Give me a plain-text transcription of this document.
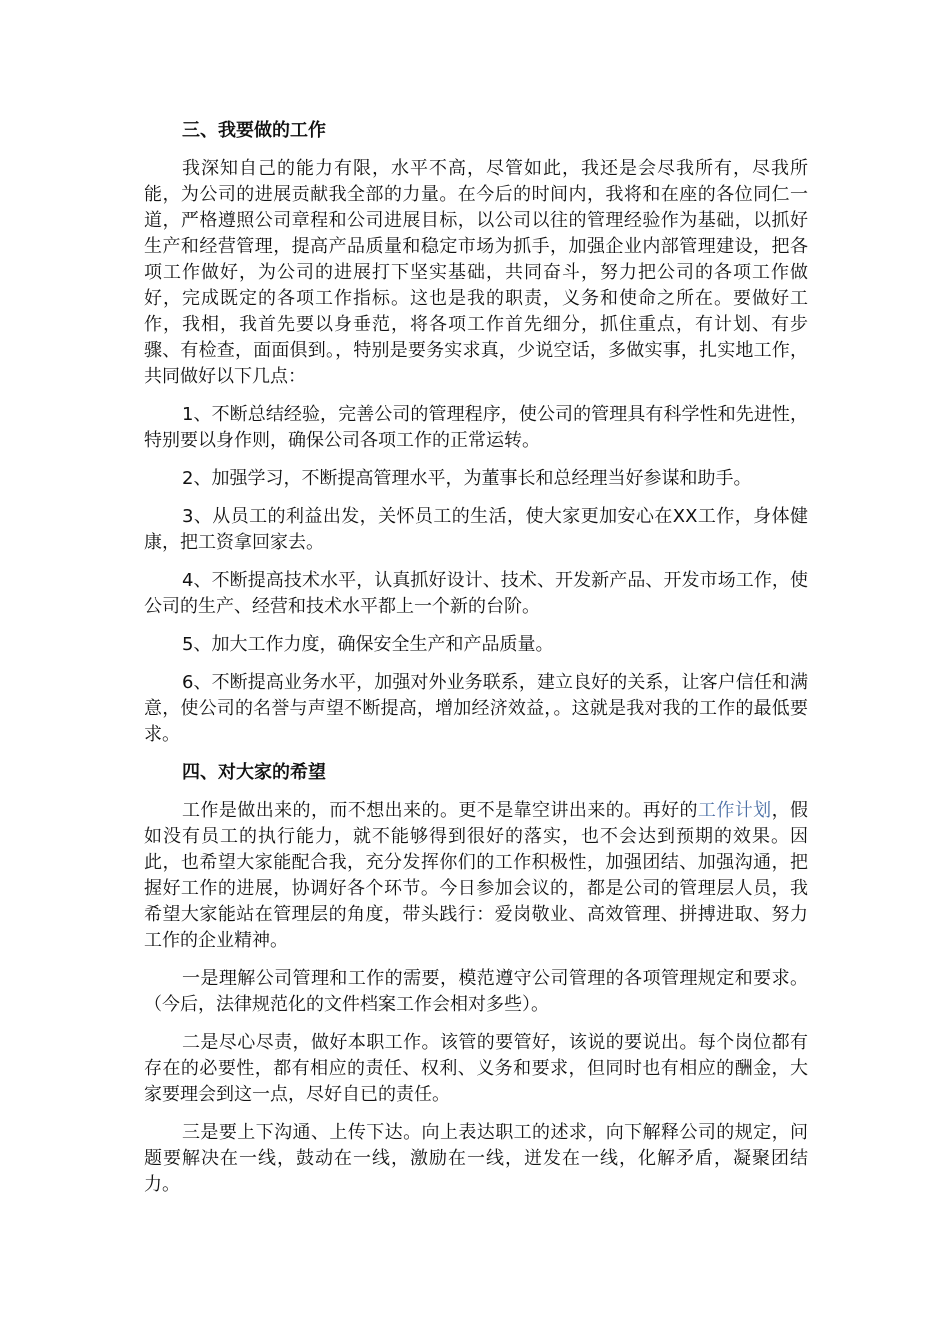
三、我要做的工作

我深知自己的能力有限，水平不高，尽管如此，我还是会尽我所有，尽我所能，为公司的进展贡献我全部的力量。在今后的时间内，我将和在座的各位同仁一道，严格遵照公司章程和公司进展目标，以公司以往的管理经验作为基础，以抓好生产和经营管理，提高产品质量和稳定市场为抓手，加强企业内部管理建设，把各项工作做好，为公司的进展打下坚实基础，共同奋斗，努力把公司的各项工作做好，完成既定的各项工作指标。这也是我的职责，义务和使命之所在。要做好工作，我相，我首先要以身垂范，将各项工作首先细分，抓住重点，有计划、有步骤、有检查，面面俱到。，特别是要务实求真，少说空话，多做实事，扎实地工作，共同做好以下几点：

1、不断总结经验，完善公司的管理程序，使公司的管理具有科学性和先进性，特别要以身作则，确保公司各项工作的正常运转。

2、加强学习，不断提高管理水平，为董事长和总经理当好参谋和助手。

3、从员工的利益出发，关怀员工的生活，使大家更加安心在XX工作，身体健康，把工资拿回家去。

4、不断提高技术水平，认真抓好设计、技术、开发新产品、开发市场工作，使公司的生产、经营和技术水平都上一个新的台阶。

5、加大工作力度，确保安全生产和产品质量。

6、不断提高业务水平，加强对外业务联系，建立良好的关系，让客户信任和满意，使公司的名誉与声望不断提高，增加经济效益，。这就是我对我的工作的最低要求。

四、对大家的希望

工作是做出来的，而不想出来的。更不是靠空讲出来的。再好的工作计划，假如没有员工的执行能力，就不能够得到很好的落实，也不会达到预期的效果。因此，也希望大家能配合我，充分发挥你们的工作积极性，加强团结、加强沟通，把握好工作的进展，协调好各个环节。今日参加会议的，都是公司的管理层人员，我希望大家能站在管理层的角度，带头践行：爱岗敬业、高效管理、拼搏进取、努力工作的企业精神。

一是理解公司管理和工作的需要，模范遵守公司管理的各项管理规定和要求。（今后，法律规范化的文件档案工作会相对多些）。

二是尽心尽责，做好本职工作。该管的要管好，该说的要说出。每个岗位都有存在的必要性，都有相应的责任、权利、义务和要求，但同时也有相应的酬金，大家要理会到这一点，尽好自已的责任。

三是要上下沟通、上传下达。向上表达职工的述求，向下解释公司的规定，问题要解决在一线，鼓动在一线，激励在一线，迸发在一线，化解矛盾，凝聚团结力。
